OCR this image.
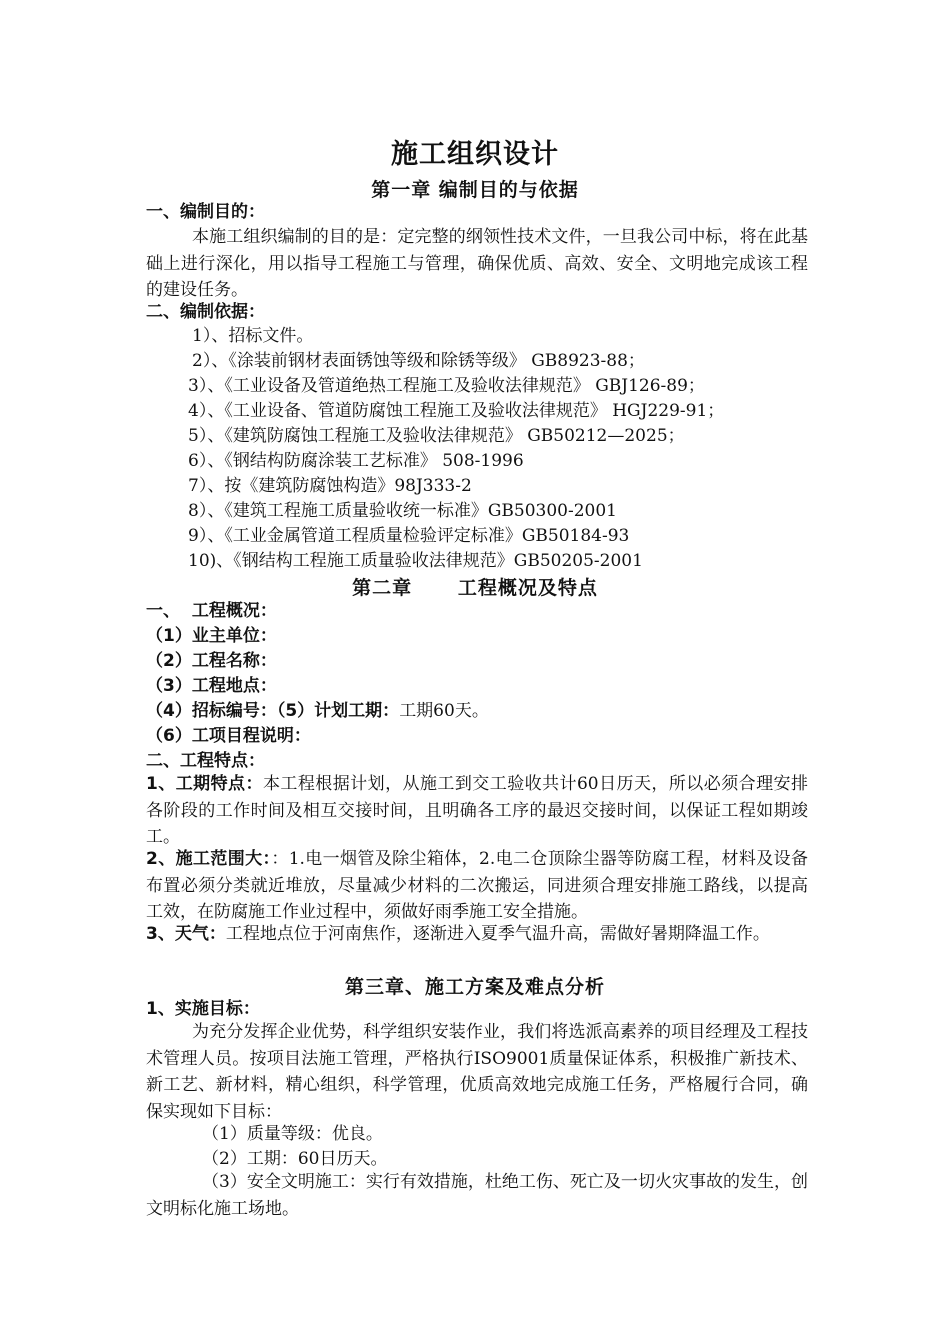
施工组织设计
第一章 编制目的与依据
一、编制目的：
本施工组织编制的目的是：定完整的纲领性技术文件，一旦我公司中标，将在此基础上进行深化，用以指导工程施工与管理，确保优质、高效、安全、文明地完成该工程的建设任务。
二、编制依据：
1）、招标文件。
2）、《涂装前钢材表面锈蚀等级和除锈等级》 GB8923-88；
3）、《工业设备及管道绝热工程施工及验收法律规范》 GBJ126-89；
4）、《工业设备、管道防腐蚀工程施工及验收法律规范》 HGJ229-91；
5）、《建筑防腐蚀工程施工及验收法律规范》 GB50212—2025；
6）、《钢结构防腐涂装工艺标准》 508-1996
7）、按《建筑防腐蚀构造》98J333-2
8）、《建筑工程施工质量验收统一标准》GB50300-2001
9）、《工业金属管道工程质量检验评定标准》GB50184-93
10)、《钢结构工程施工质量验收法律规范》GB50205-2001
第二章      工程概况及特点
一、  工程概况：
（1）业主单位：
（2）工程名称：
（3）工程地点：
（4）招标编号：（5）计划工期：工期60天。
（6）工项目程说明：
二、工程特点：
1、工期特点：本工程根据计划，从施工到交工验收共计60日历天，所以必须合理安排各阶段的工作时间及相互交接时间，且明确各工序的最迟交接时间，以保证工程如期竣工。
2、施工范围大：：1.电一烟管及除尘箱体，2.电二仓顶除尘器等防腐工程，材料及设备布置必须分类就近堆放，尽量减少材料的二次搬运，同进须合理安排施工路线，以提高工效，在防腐施工作业过程中，须做好雨季施工安全措施。
3、天气：工程地点位于河南焦作，逐渐进入夏季气温升高，需做好暑期降温工作。
第三章、施工方案及难点分析
1、实施目标：
为充分发挥企业优势，科学组织安装作业，我们将选派高素养的项目经理及工程技术管理人员。按项目法施工管理，严格执行ISO9001质量保证体系，积极推广新技术、新工艺、新材料，精心组织，科学管理，优质高效地完成施工任务，严格履行合同，确保实现如下目标：
（1）质量等级：优良。
（2）工期：60日历天。
（3）安全文明施工：实行有效措施，杜绝工伤、死亡及一切火灾事故的发生，创文明标化施工场地。
